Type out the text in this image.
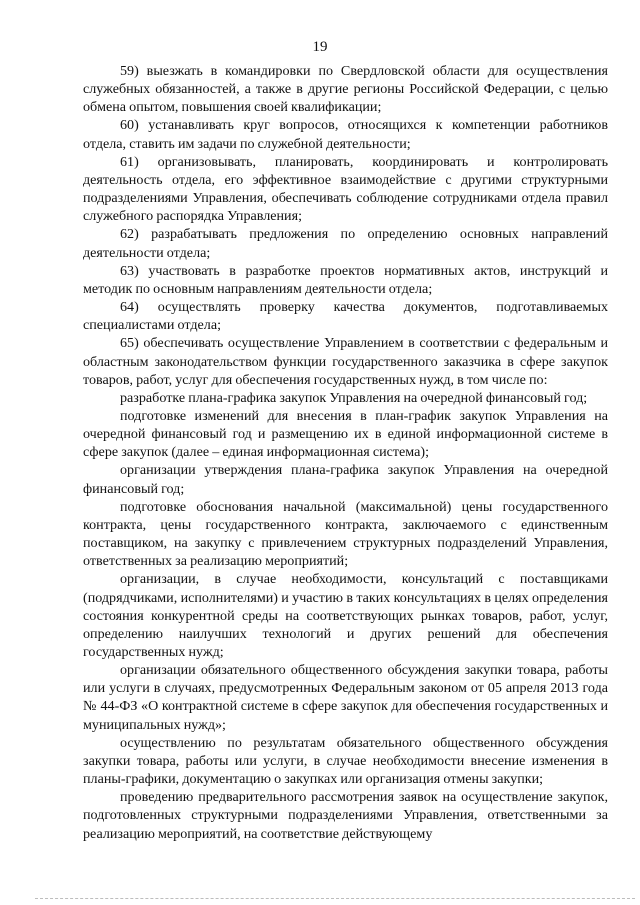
19

59) выезжать в командировки по Свердловской области для осуществления служебных обязанностей, а также в другие регионы Российской Федерации, с целью обмена опытом, повышения своей квалификации;

60) устанавливать круг вопросов, относящихся к компетенции работников отдела, ставить им задачи по служебной деятельности;

61) организовывать, планировать, координировать и контролировать деятельность отдела, его эффективное взаимодействие с другими структурными подразделениями Управления, обеспечивать соблюдение сотрудниками отдела правил служебного распорядка Управления;

62) разрабатывать предложения по определению основных направлений деятельности отдела;

63) участвовать в разработке проектов нормативных актов, инструкций и методик по основным направлениям деятельности отдела;

64) осуществлять проверку качества документов, подготавливаемых специалистами отдела;

65) обеспечивать осуществление Управлением в соответствии с федеральным и областным законодательством функции государственного заказчика в сфере закупок товаров, работ, услуг для обеспечения государственных нужд, в том числе по:

разработке плана-графика закупок Управления на очередной финансовый год;

подготовке изменений для внесения в план-график закупок Управления на очередной финансовый год и размещению их в единой информационной системе в сфере закупок (далее – единая информационная система);

организации утверждения плана-графика закупок Управления на очередной финансовый год;

подготовке обоснования начальной (максимальной) цены государственного контракта, цены государственного контракта, заключаемого с единственным поставщиком, на закупку с привлечением структурных подразделений Управления, ответственных за реализацию мероприятий;

организации, в случае необходимости, консультаций с поставщиками (подрядчиками, исполнителями) и участию в таких консультациях в целях определения состояния конкурентной среды на соответствующих рынках товаров, работ, услуг, определению наилучших технологий и других решений для обеспечения государственных нужд;

организации обязательного общественного обсуждения закупки товара, работы или услуги в случаях, предусмотренных Федеральным законом от 05 апреля 2013 года № 44-ФЗ «О контрактной системе в сфере закупок для обеспечения государственных и муниципальных нужд»;

осуществлению по результатам обязательного общественного обсуждения закупки товара, работы или услуги, в случае необходимости внесение изменения в планы-графики, документацию о закупках или организация отмены закупки;

проведению предварительного рассмотрения заявок на осуществление закупок, подготовленных структурными подразделениями Управления, ответственными за реализацию мероприятий, на соответствие действующему
